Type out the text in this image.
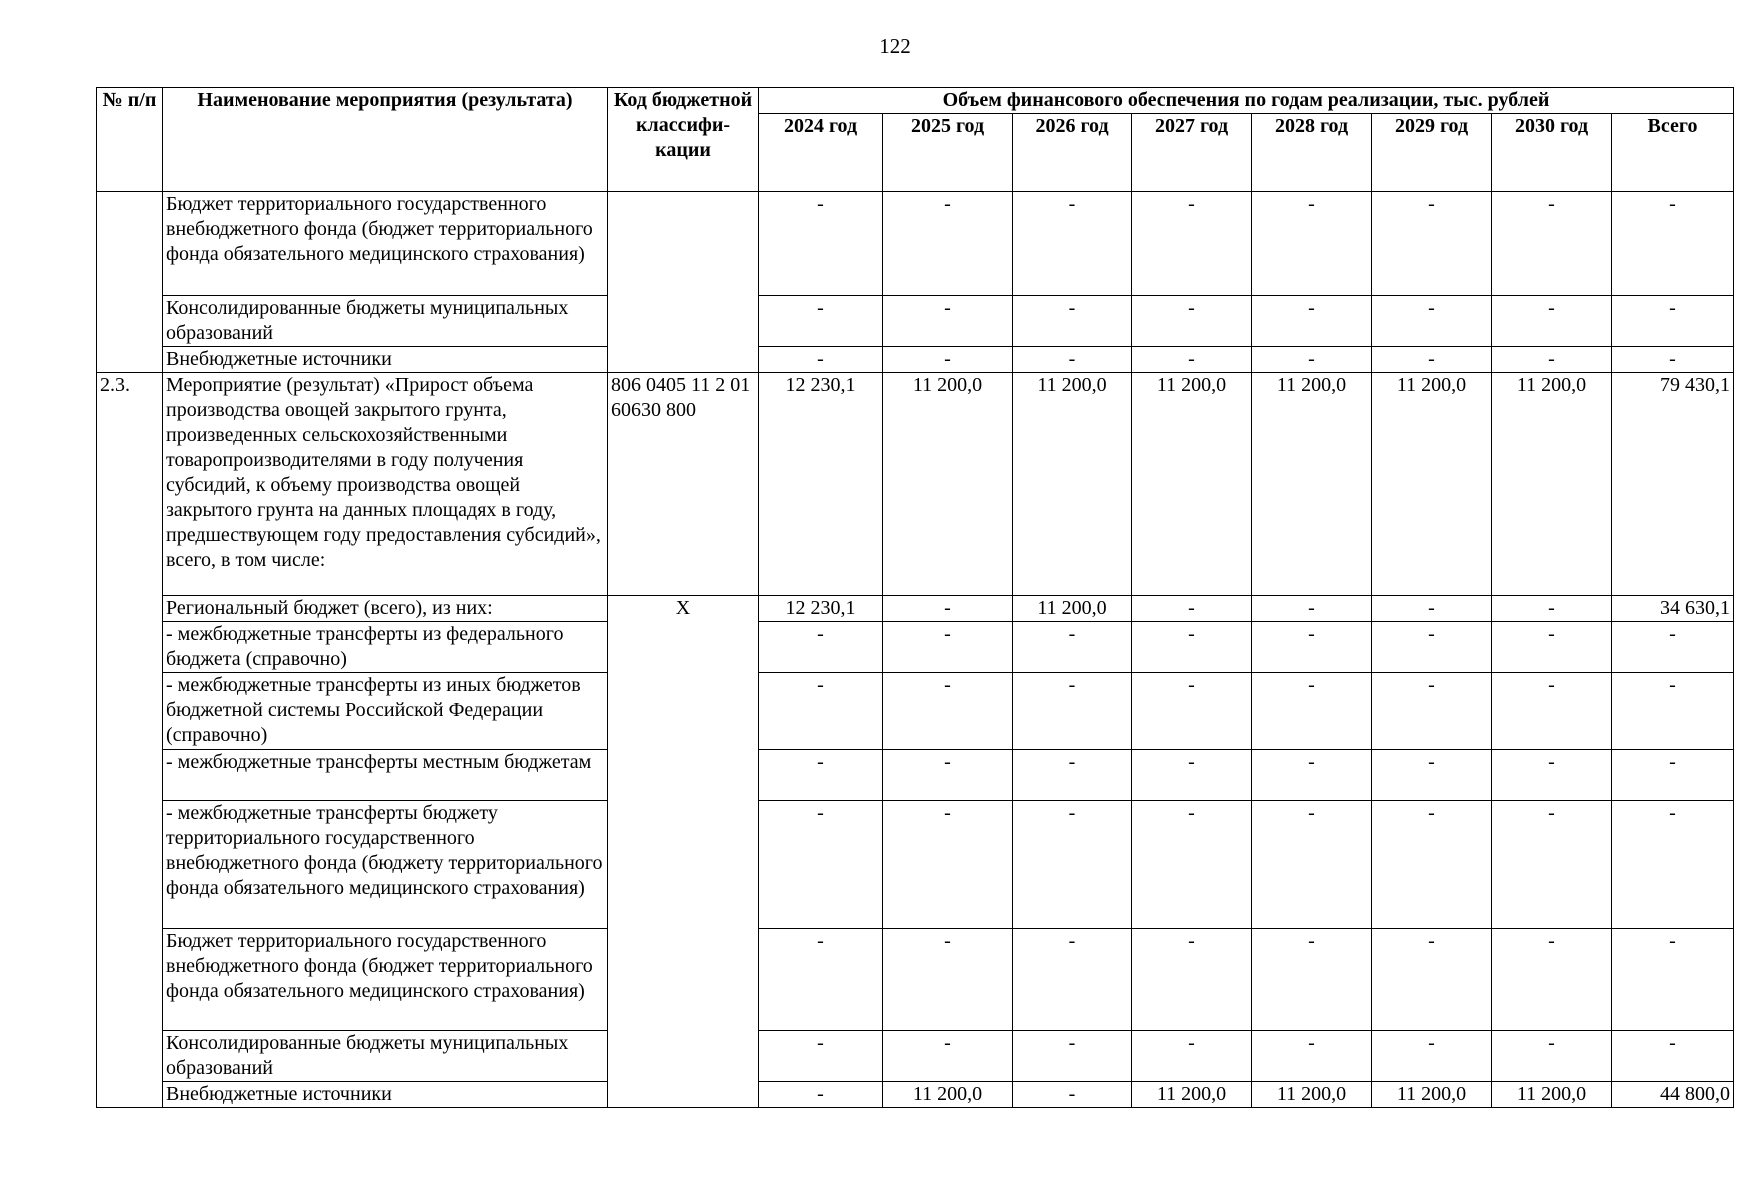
122
№ п/п	Наименование мероприятия (результата)	Код бюджетной классифи-кации	Объем финансового обеспечения по годам реализации, тыс. рублей							
			2024 год	2025 год	2026 год	2027 год	2028 год	2029 год	2030 год	Всего
	Бюджет территориального государственного внебюджетного фонда (бюджет территориального фонда обязательного медицинского страхования)		-	-	-	-	-	-	-	-
	Консолидированные бюджеты муниципальных образований		-	-	-	-	-	-	-	-
	Внебюджетные источники		-	-	-	-	-	-	-	-
2.3.	Мероприятие (результат) «Прирост объема производства овощей закрытого грунта, произведенных сельскохозяйственными товаропроизводителями в году получения субсидий, к объему производства овощей закрытого грунта на данных площадях в году, предшествующем году предоставления субсидий», всего, в том числе:	806 0405 11 2 01 60630 800	12 230,1	11 200,0	11 200,0	11 200,0	11 200,0	11 200,0	11 200,0	79 430,1
	Региональный бюджет (всего), из них:	X	12 230,1	-	11 200,0	-	-	-	-	34 630,1
	- межбюджетные трансферты из федерального бюджета (справочно)		-	-	-	-	-	-	-	-
	- межбюджетные трансферты из иных бюджетов бюджетной системы Российской Федерации (справочно)		-	-	-	-	-	-	-	-
	- межбюджетные трансферты местным бюджетам		-	-	-	-	-	-	-	-
	- межбюджетные трансферты бюджету территориального государственного внебюджетного фонда (бюджету территориального фонда обязательного медицинского страхования)		-	-	-	-	-	-	-	-
	Бюджет территориального государственного внебюджетного фонда (бюджет территориального фонда обязательного медицинского страхования)		-	-	-	-	-	-	-	-
	Консолидированные бюджеты муниципальных образований		-	-	-	-	-	-	-	-
	Внебюджетные источники		-	11 200,0	-	11 200,0	11 200,0	11 200,0	11 200,0	44 800,0
